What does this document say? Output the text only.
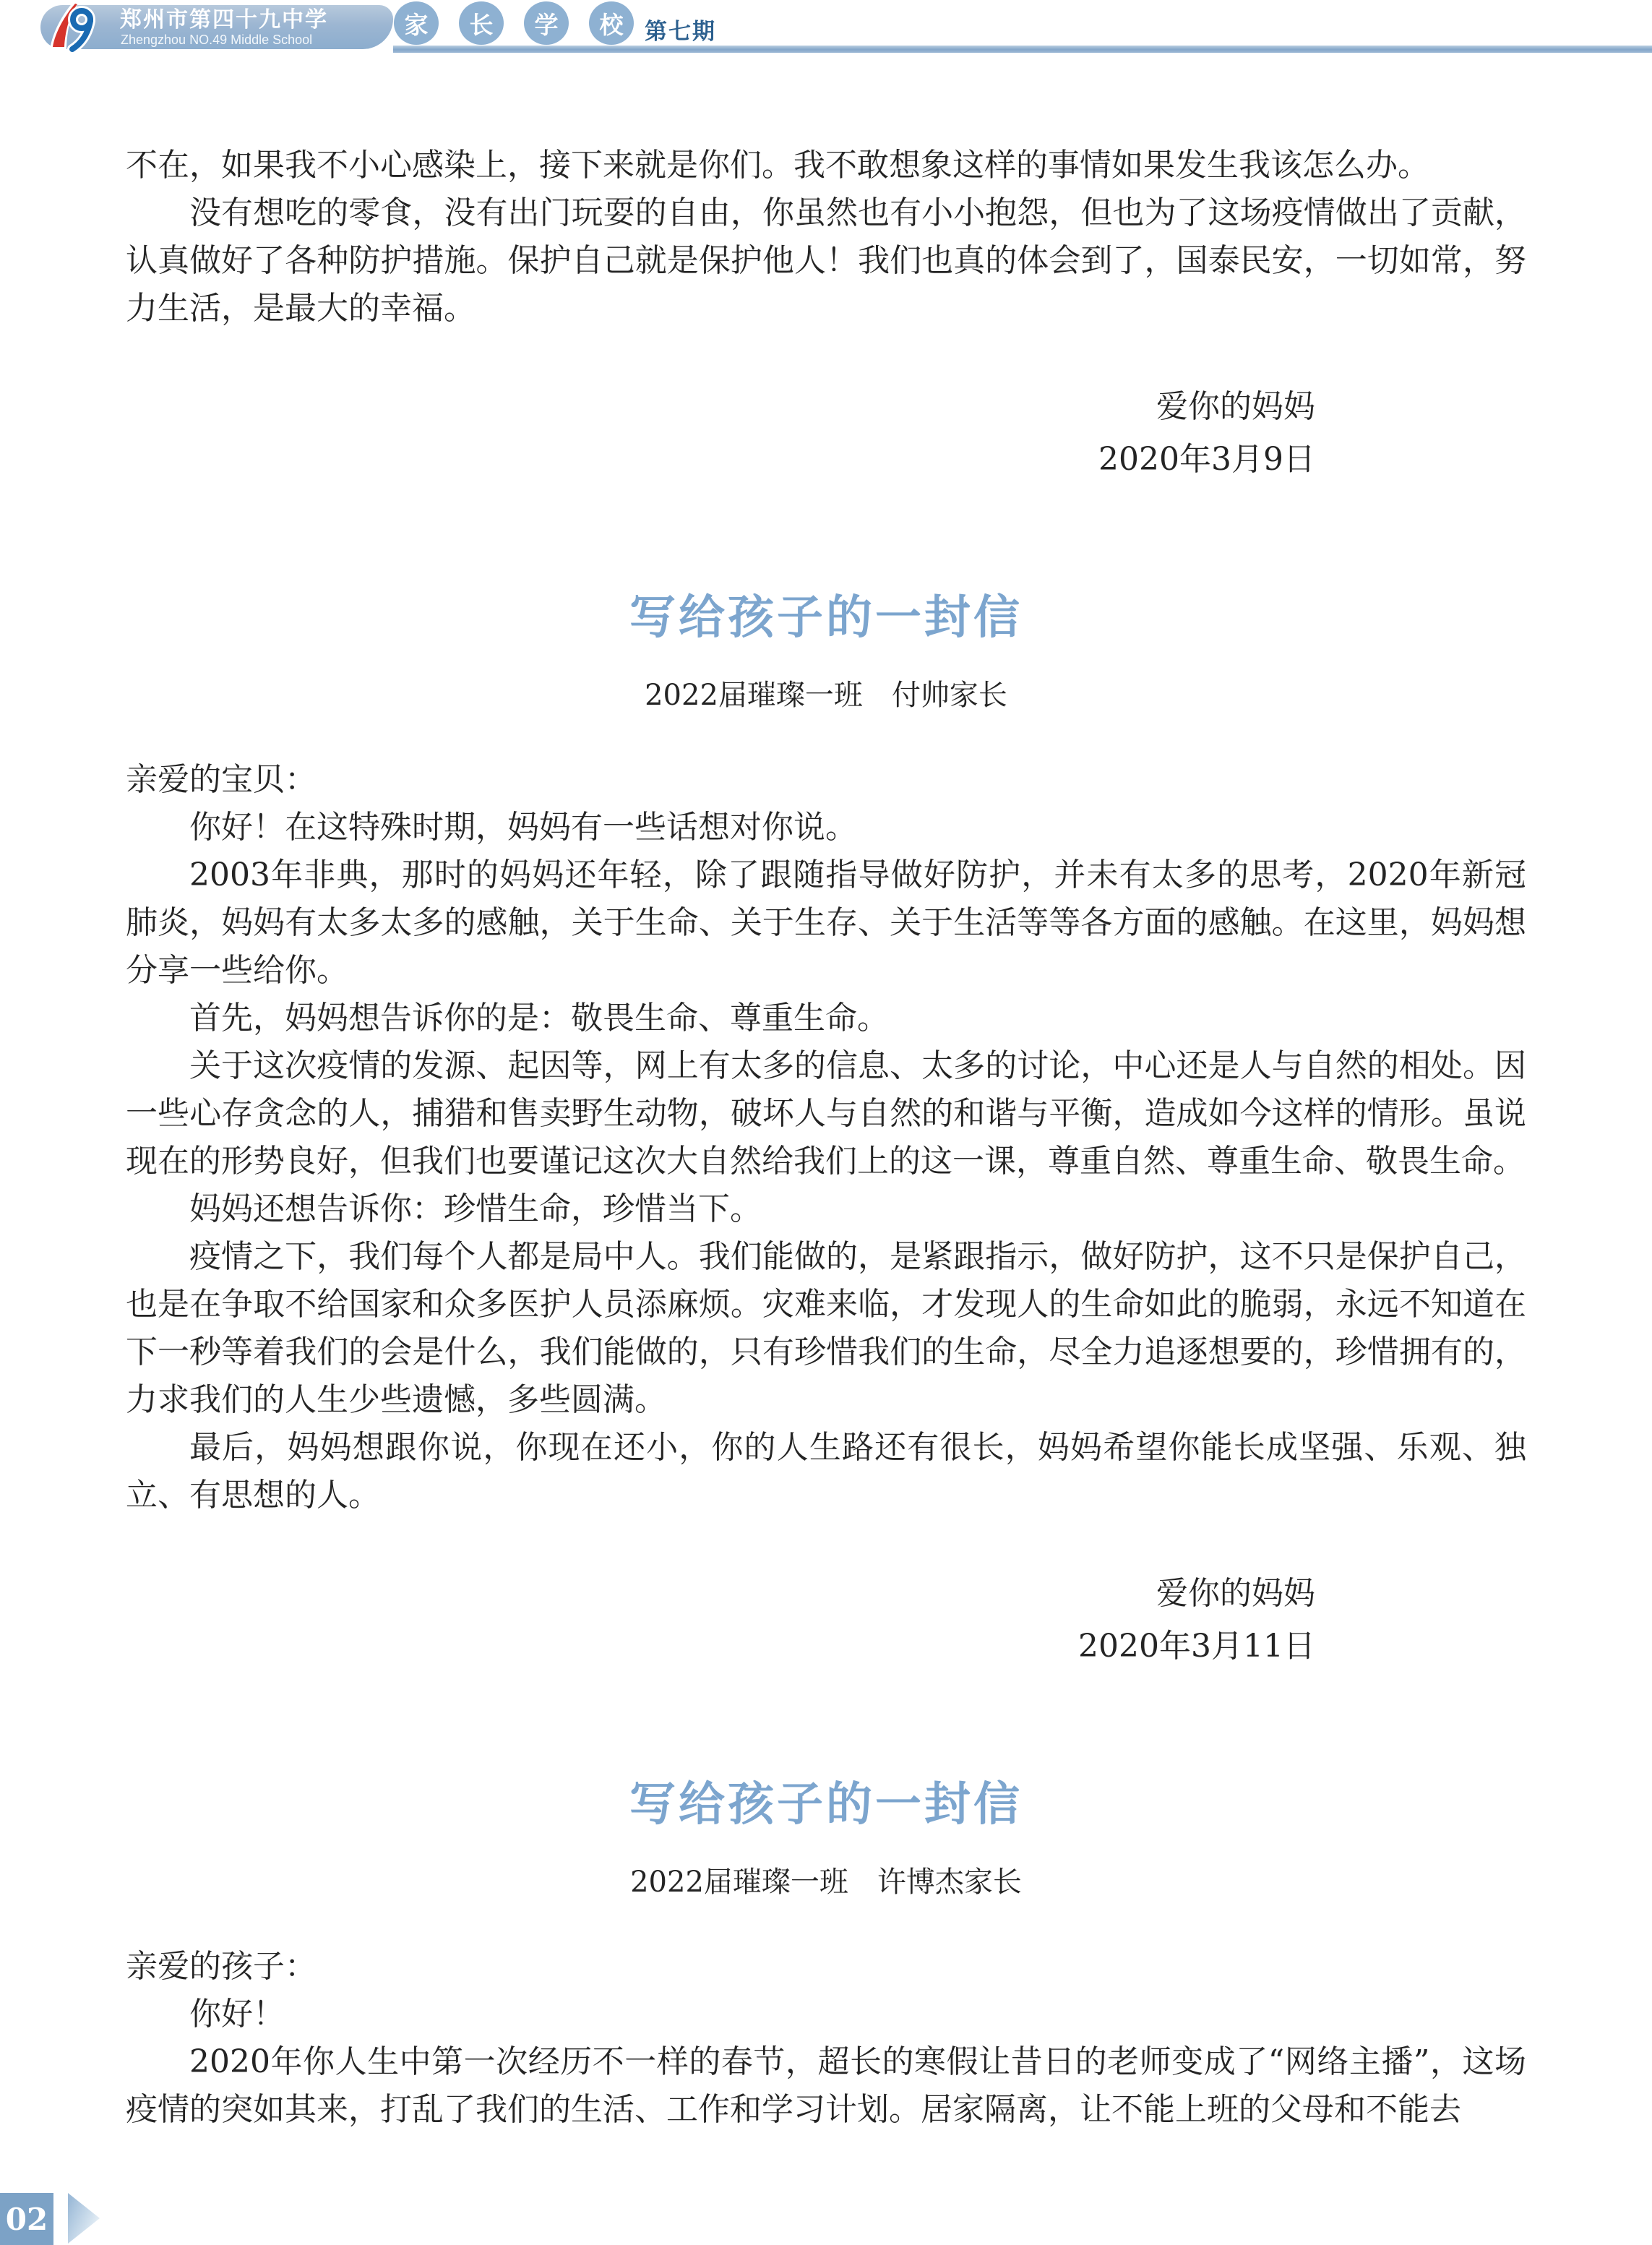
郑州市第四十九中学
Zhengzhou NO.49 Middle School
家	长	学	校 第七期

不在，如果我不小心感染上，接下来就是你们。我不敢想象这样的事情如果发生我该怎么办。

没有想吃的零食，没有出门玩耍的自由，你虽然也有小小抱怨，但也为了这场疫情做出了贡献，认真做好了各种防护措施。保护自己就是保护他人！我们也真的体会到了，国泰民安，一切如常，努力生活，是最大的幸福。

爱你的妈妈
2020年3月9日
写给孩子的一封信
2022届璀璨一班　付帅家长

亲爱的宝贝：

你好！在这特殊时期，妈妈有一些话想对你说。

2003年非典，那时的妈妈还年轻，除了跟随指导做好防护，并未有太多的思考，2020年新冠肺炎，妈妈有太多太多的感触，关于生命、关于生存、关于生活等等各方面的感触。在这里，妈妈想分享一些给你。

首先，妈妈想告诉你的是：敬畏生命、尊重生命。

关于这次疫情的发源、起因等，网上有太多的信息、太多的讨论，中心还是人与自然的相处。因一些心存贪念的人，捕猎和售卖野生动物，破坏人与自然的和谐与平衡，造成如今这样的情形。虽说现在的形势良好，但我们也要谨记这次大自然给我们上的这一课，尊重自然、尊重生命、敬畏生命。

妈妈还想告诉你：珍惜生命，珍惜当下。

疫情之下，我们每个人都是局中人。我们能做的，是紧跟指示，做好防护，这不只是保护自己，也是在争取不给国家和众多医护人员添麻烦。灾难来临，才发现人的生命如此的脆弱，永远不知道在下一秒等着我们的会是什么，我们能做的，只有珍惜我们的生命，尽全力追逐想要的，珍惜拥有的，力求我们的人生少些遗憾，多些圆满。

最后，妈妈想跟你说，你现在还小，你的人生路还有很长，妈妈希望你能长成坚强、乐观、独立、有思想的人。

爱你的妈妈
2020年3月11日
写给孩子的一封信
2022届璀璨一班　许博杰家长

亲爱的孩子：

你好！

2020年你人生中第一次经历不一样的春节，超长的寒假让昔日的老师变成了“网络主播”，这场疫情的突如其来，打乱了我们的生活、工作和学习计划。居家隔离，让不能上班的父母和不能去

02
